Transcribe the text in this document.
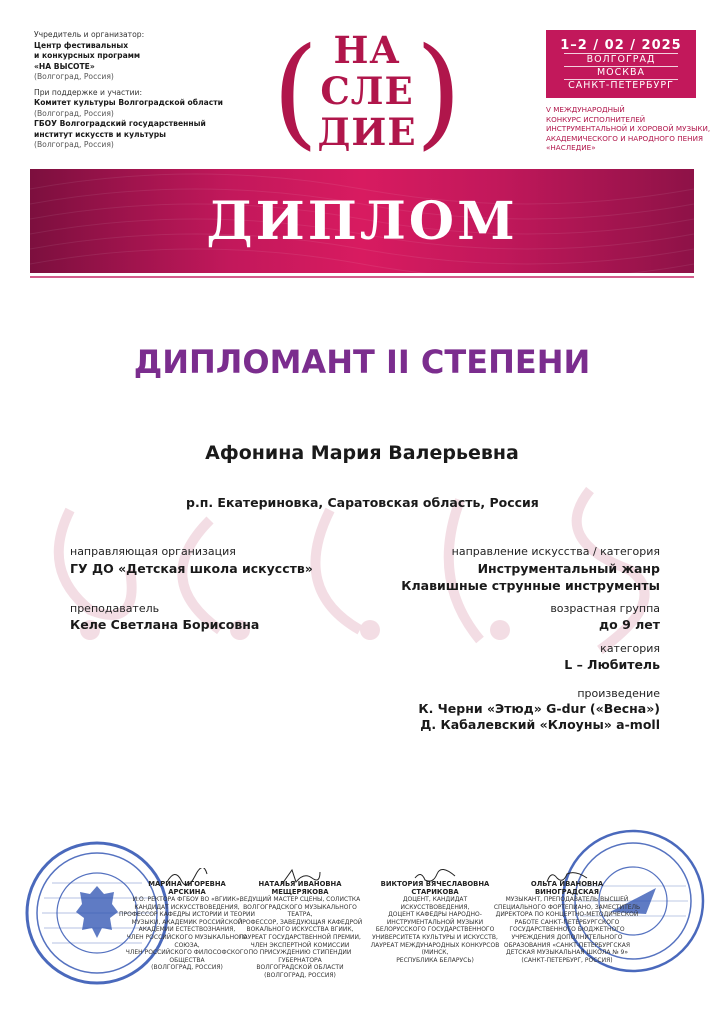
Учредитель и организатор:
Центр фестивальных
и конкурсных программ
«НА ВЫСОТЕ»
(Волгоград, Россия)
При поддержке и участии:
Комитет культуры Волгоградской области
(Волгоград, Россия)
ГБОУ Волгоградский государственный
институт искусств и культуры
(Волгоград, Россия)	( )
НА
СЛЕ
ДИЕ
1–2 / 02 / 2025
ВОЛГОГРАД
МОСКВА
САНКТ-ПЕТЕРБУРГ
V МЕЖДУНАРОДНЫЙ
КОНКУРС ИСПОЛНИТЕЛЕЙ
ИНСТРУМЕНТАЛЬНОЙ И ХОРОВОЙ МУЗЫКИ,
АКАДЕМИЧЕСКОГО И НАРОДНОГО ПЕНИЯ
«НАСЛЕДИЕ»
ДИПЛОМ
ДИПЛОМАНТ II СТЕПЕНИ
Афонина Мария Валерьевна
р.п. Екатериновка, Саратовская область, Россия
направляющая организация
ГУ ДО «Детская школа искусств»
преподаватель
Келе Светлана Борисовна
направление искусства / категория
Инструментальный жанр
Клавишные струнные инструменты
возрастная группа
до 9 лет
категория
L – Любитель
произведение
К. Черни «Этюд» G-dur («Весна»)
Д. Кабалевский «Клоуны» a-moll
МАРИНА ИГОРЕВНА
АРСКИНА
И.О. РЕКТОРА ФГБОУ ВО «ВГИИК»,
КАНДИДАТ ИСКУССТВОВЕДЕНИЯ,
ПРОФЕССОР КАФЕДРЫ ИСТОРИИ И ТЕОРИИ
МУЗЫКИ, АКАДЕМИК РОССИЙСКОЙ
АКАДЕМИИ ЕСТЕСТВОЗНАНИЯ,
ЧЛЕН РОССИЙСКОГО МУЗЫКАЛЬНОГО СОЮЗА,
ЧЛЕН РОССИЙСКОГО ФИЛОСОФСКОГО ОБЩЕСТВА
(ВОЛГОГРАД, РОССИЯ)
НАТАЛЬЯ ИВАНОВНА
МЕЩЕРЯКОВА
ВЕДУЩИЙ МАСТЕР СЦЕНЫ, СОЛИСТКА
ВОЛГОГРАДСКОГО МУЗЫКАЛЬНОГО ТЕАТРА,
ПРОФЕССОР, ЗАВЕДУЮЩАЯ КАФЕДРОЙ
ВОКАЛЬНОГО ИСКУССТВА ВГИИК,
ЛАУРЕАТ ГОСУДАРСТВЕННОЙ ПРЕМИИ,
ЧЛЕН ЭКСПЕРТНОЙ КОМИССИИ
ПО ПРИСУЖДЕНИЮ СТИПЕНДИИ ГУБЕРНАТОРА
ВОЛГОГРАДСКОЙ ОБЛАСТИ
(ВОЛГОГРАД, РОССИЯ)
ВИКТОРИЯ ВЯЧЕСЛАВОВНА
СТАРИКОВА
ДОЦЕНТ, КАНДИДАТ ИСКУССТВОВЕДЕНИЯ,
ДОЦЕНТ КАФЕДРЫ НАРОДНО-
ИНСТРУМЕНТАЛЬНОЙ МУЗЫКИ
БЕЛОРУССКОГО ГОСУДАРСТВЕННОГО
УНИВЕРСИТЕТА КУЛЬТУРЫ И ИСКУССТВ,
ЛАУРЕАТ МЕЖДУНАРОДНЫХ КОНКУРСОВ
(МИНСК,
РЕСПУБЛИКА БЕЛАРУСЬ)
ОЛЬГА ИВАНОВНА
ВИНОГРАДСКАЯ
МУЗЫКАНТ, ПРЕПОДАВАТЕЛЬ ВЫСШЕЙ
СПЕЦИАЛЬНОГО ФОРТЕПИАНО, ЗАМЕСТИТЕЛЬ
ДИРЕКТОРА ПО КОНЦЕРТНО-МЕТОДИЧЕСКОЙ
РАБОТЕ САНКТ-ПЕТЕРБУРГСКОГО
ГОСУДАРСТВЕННОГО БЮДЖЕТНОГО
УЧРЕЖДЕНИЯ ДОПОЛНИТЕЛЬНОГО
ОБРАЗОВАНИЯ «САНКТ-ПЕТЕРБУРГСКАЯ
ДЕТСКАЯ МУЗЫКАЛЬНАЯ ШКОЛА № 9»
(САНКТ-ПЕТЕРБУРГ, РОССИЯ)
